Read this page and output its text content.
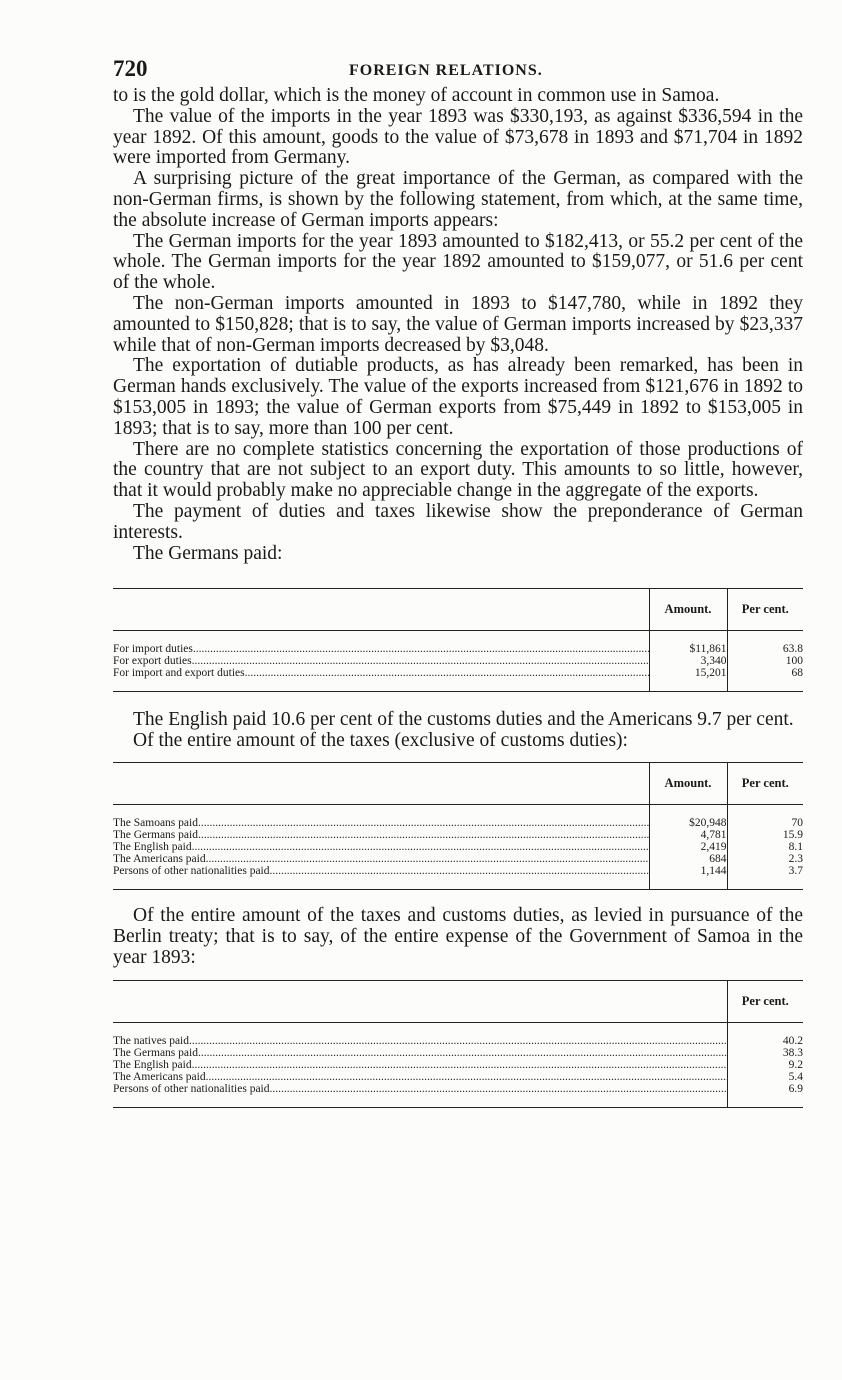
720	FOREIGN RELATIONS.

to is the gold dollar, which is the money of account in common use in Samoa.

The value of the imports in the year 1893 was $330,193, as against $336,594 in the year 1892. Of this amount, goods to the value of $73,678 in 1893 and $71,704 in 1892 were imported from Germany.

A surprising picture of the great importance of the German, as compared with the non-German firms, is shown by the following statement, from which, at the same time, the absolute increase of German imports appears:

The German imports for the year 1893 amounted to $182,413, or 55.2 per cent of the whole. The German imports for the year 1892 amounted to $159,077, or 51.6 per cent of the whole.

The non-German imports amounted in 1893 to $147,780, while in 1892 they amounted to $150,828; that is to say, the value of German imports increased by $23,337 while that of non-German imports decreased by $3,048.

The exportation of dutiable products, as has already been remarked, has been in German hands exclusively. The value of the exports increased from $121,676 in 1892 to $153,005 in 1893; the value of German exports from $75,449 in 1892 to $153,005 in 1893; that is to say, more than 100 per cent.

There are no complete statistics concerning the exportation of those productions of the country that are not subject to an export duty. This amounts to so little, however, that it would probably make no appreciable change in the aggregate of the exports.

The payment of duties and taxes likewise show the preponderance of German interests.

The Germans paid:

	Amount.	Per cent.

For import duties .....	$11,861	63.8

For export duties .....	3,340	100

For import and export duties .....	15,201	68

The English paid 10.6 per cent of the customs duties and the Americans 9.7 per cent.

Of the entire amount of the taxes (exclusive of customs duties):

	Amount.	Per cent.

The Samoans paid .....	$20,948	70

The Germans paid .....	4,781	15.9

The English paid .....	2,419	8.1

The Americans paid .....	684	2.3

Persons of other nationalities paid .....	1,144	3.7

Of the entire amount of the taxes and customs duties, as levied in pursuance of the Berlin treaty; that is to say, of the entire expense of the Government of Samoa in the year 1893:

	Per cent.

The natives paid .....	40.2

The Germans paid .....	38.3

The English paid .....	9.2

The Americans paid .....	5.4

Persons of other nationalities paid .....	6.9
